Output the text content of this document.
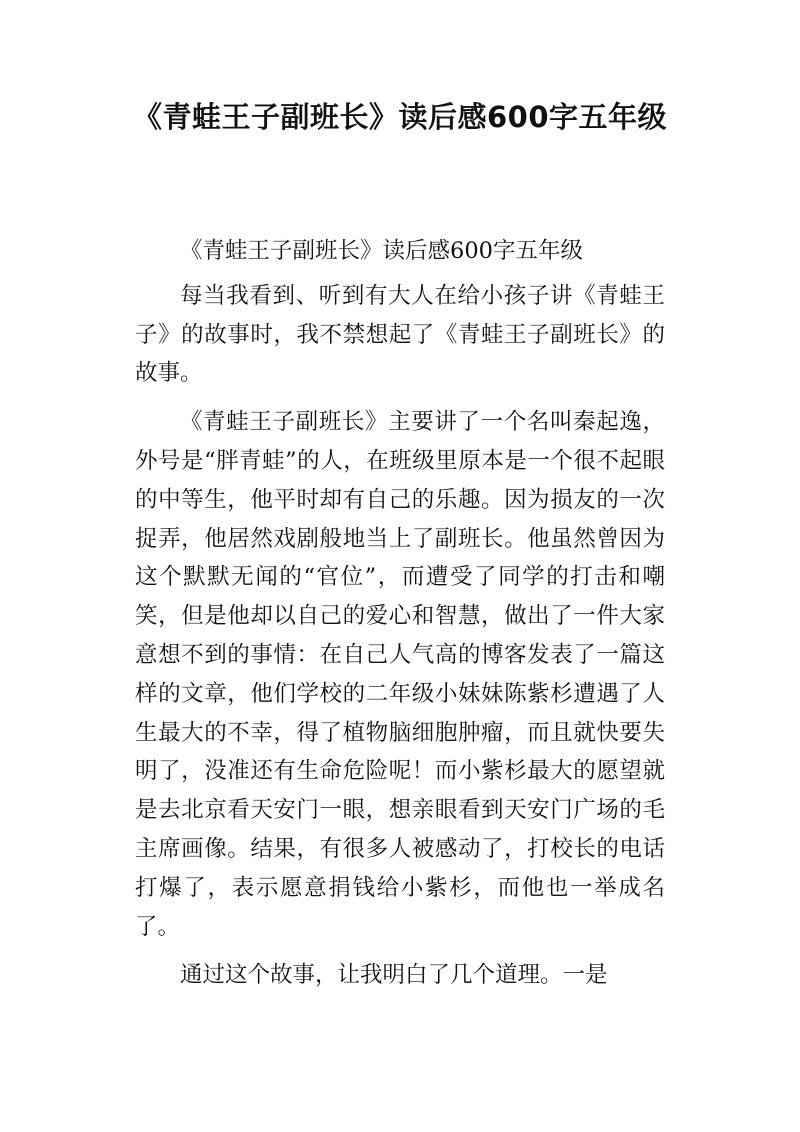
《青蛙王子副班长》读后感600字五年级

《青蛙王子副班长》读后感600字五年级

每当我看到、听到有大人在给小孩子讲《青蛙王子》的故事时，我不禁想起了《青蛙王子副班长》的故事。

《青蛙王子副班长》主要讲了一个名叫秦起逸，外号是“胖青蛙”的人，在班级里原本是一个很不起眼的中等生，他平时却有自己的乐趣。因为损友的一次捉弄，他居然戏剧般地当上了副班长。他虽然曾因为这个默默无闻的“官位”，而遭受了同学的打击和嘲笑，但是他却以自己的爱心和智慧，做出了一件大家意想不到的事情：在自己人气高的博客发表了一篇这样的文章，他们学校的二年级小妹妹陈紫杉遭遇了人生最大的不幸，得了植物脑细胞肿瘤，而且就快要失明了，没准还有生命危险呢！而小紫杉最大的愿望就是去北京看天安门一眼，想亲眼看到天安门广场的毛主席画像。结果，有很多人被感动了，打校长的电话打爆了，表示愿意捐钱给小紫杉，而他也一举成名了。

通过这个故事，让我明白了几个道理。一是
